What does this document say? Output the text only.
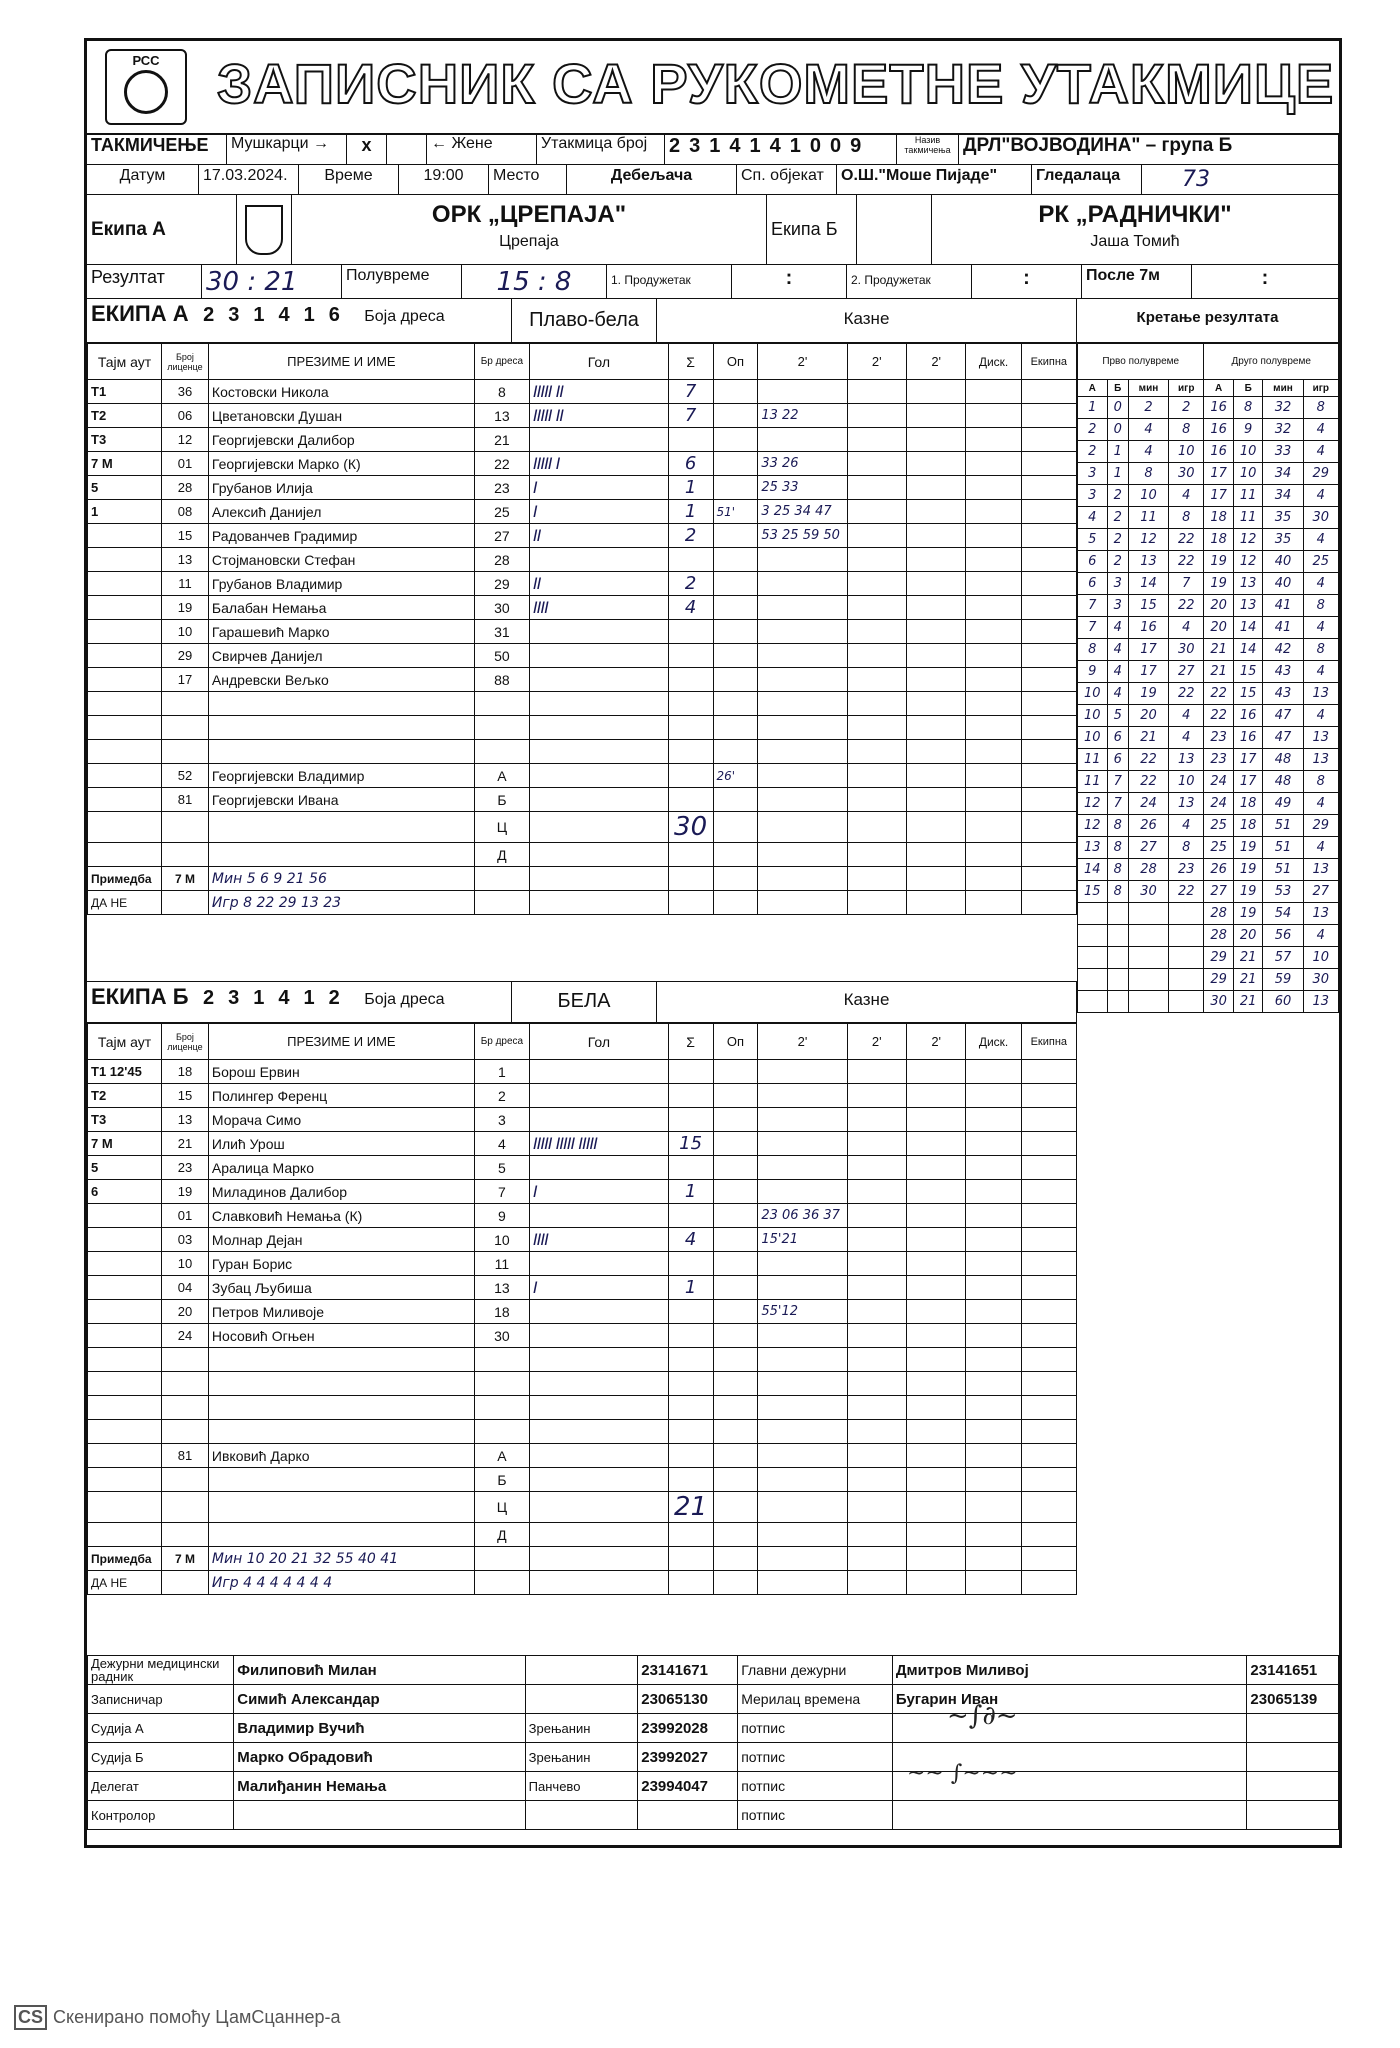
РСС	ЗАПИСНИК СА РУКОМЕТНЕ УТАКМИЦЕ
ТАКМИЧЕЊЕ	Мушкарци →	x	← Жене	Утакмица број	2314141009	Назив такмичења ДРЛ"ВОЈВОДИНА" – група Б
Датум	17.03.2024.	Време	19:00	Место	Дебељача	Сп. објекат	О.Ш."Моше Пијаде"	Гледалаца	73
Екипа А
ОРК „ЦРЕПАЈА"
Црепаја
Екипа Б
РК „РАДНИЧКИ"
Јаша Томић
Резултат	30 : 21	Полувреме	15 : 8	1. Продужетак	:	2. Продужетак	:	После 7м	:
ЕКИПА А 231416 Боја дреса	Плаво-бела	Казне	Кретање резултата
Тајм аут	Број лиценце	ПРЕЗИМЕ И ИМЕ	Бр дреса	Гол	Σ	Оп	2'	2'	2'	Диск.	Екипна
T1	36	Костовски Никола	8	IIIII II	7						
T2	06	Цветановски Душан	13	IIIII II	7		13 22				
T3	12	Георгијевски Далибор	21								
7 M	01	Георгијевски Марко (К)	22	IIIII I	6		33 26				
5	28	Грубанов Илија	23	I	1		25 33				
1	08	Алексић Данијел	25	I	1	51'	3 25 34 47				
	15	Радованчев Градимир	27	II	2		53 25 59 50				
	13	Стојмановски Стефан	28								
	11	Грубанов Владимир	29	II	2						
	19	Балабан Немања	30	IIII	4						
	10	Гарашевић Марко	31								
	29	Свирчев Данијел	50								
	17	Андревски Вељко	88								

	52	Георгијевски Владимир	А			26'					
	81	Георгијевски Ивана	Б								
			Ц		30						
			Д								
Примедба	7 М	Мин 5 6 9 21 56									
ДА НЕ		Игр 8 22 29 13 23									
Прво полувреме				Друго полувреме			
А	Б	мин	игр	А	Б	мин	игр
1	0	2	2	16	8	32	8
2	0	4	8	16	9	32	4
2	1	4	10	16	10	33	4
3	1	8	30	17	10	34	29
3	2	10	4	17	11	34	4
4	2	11	8	18	11	35	30
5	2	12	22	18	12	35	4
6	2	13	22	19	12	40	25
6	3	14	7	19	13	40	4
7	3	15	22	20	13	41	8
7	4	16	4	20	14	41	4
8	4	17	30	21	14	42	8
9	4	17	27	21	15	43	4
10	4	19	22	22	15	43	13
10	5	20	4	22	16	47	4
10	6	21	4	23	16	47	13
11	6	22	13	23	17	48	13
11	7	22	10	24	17	48	8
12	7	24	13	24	18	49	4
12	8	26	4	25	18	51	29
13	8	27	8	25	19	51	4
14	8	28	23	26	19	51	13
15	8	30	22	27	19	53	27
				28	19	54	13
				28	20	56	4
				29	21	57	10
				29	21	59	30
				30	21	60	13
ЕКИПА Б 231412 Боја дреса	БЕЛА	Казне
Тајм аут	Број лиценце	ПРЕЗИМЕ И ИМЕ	Бр дреса	Гол	Σ	Оп	2'	2'	2'	Диск.	Екипна
T1 12'45	18	Борош Ервин	1								
T2	15	Полингер Ференц	2								
T3	13	Морача Симо	3								
7 M	21	Илић Урош	4	IIIII IIIII IIIII	15						
5	23	Аралица Марко	5								
6	19	Миладинов Далибор	7	I	1						
	01	Славковић Немања (К)	9				23 06 36 37				
	03	Молнар Дејан	10	IIII	4		15'21				
	10	Гуран Борис	11								
	04	Зубац Љубиша	13	I	1						
	20	Петров Миливоје	18				55'12				
	24	Носовић Огњен	30								

	81	Ивковић Дарко	А								
			Б								
			Ц		21						
			Д								
Примедба	7 М	Мин 10 20 21 32 55 40 41									
ДА НЕ		Игр 4 4 4 4 4 4 4									
Дежурни медицински радник	Филиповић Милан		23141671	Главни дежурни	Дмитров Миливој	23141651
Записничар	Симић Александар		23065130	Мерилац времена	Бугарин Иван	23065139
Судија А	Владимир Вучић	Зрењанин	23992028	потпис		
Судија Б	Марко Обрадовић	Зрењанин	23992027	потпис		
Делегат	Малиђанин Немања	Панчево	23994047	потпис		
Контролор				потпис		
~∫∂~
~~ ∫~~~
CS Скенирано помоћу ЦамСцаннер-а
